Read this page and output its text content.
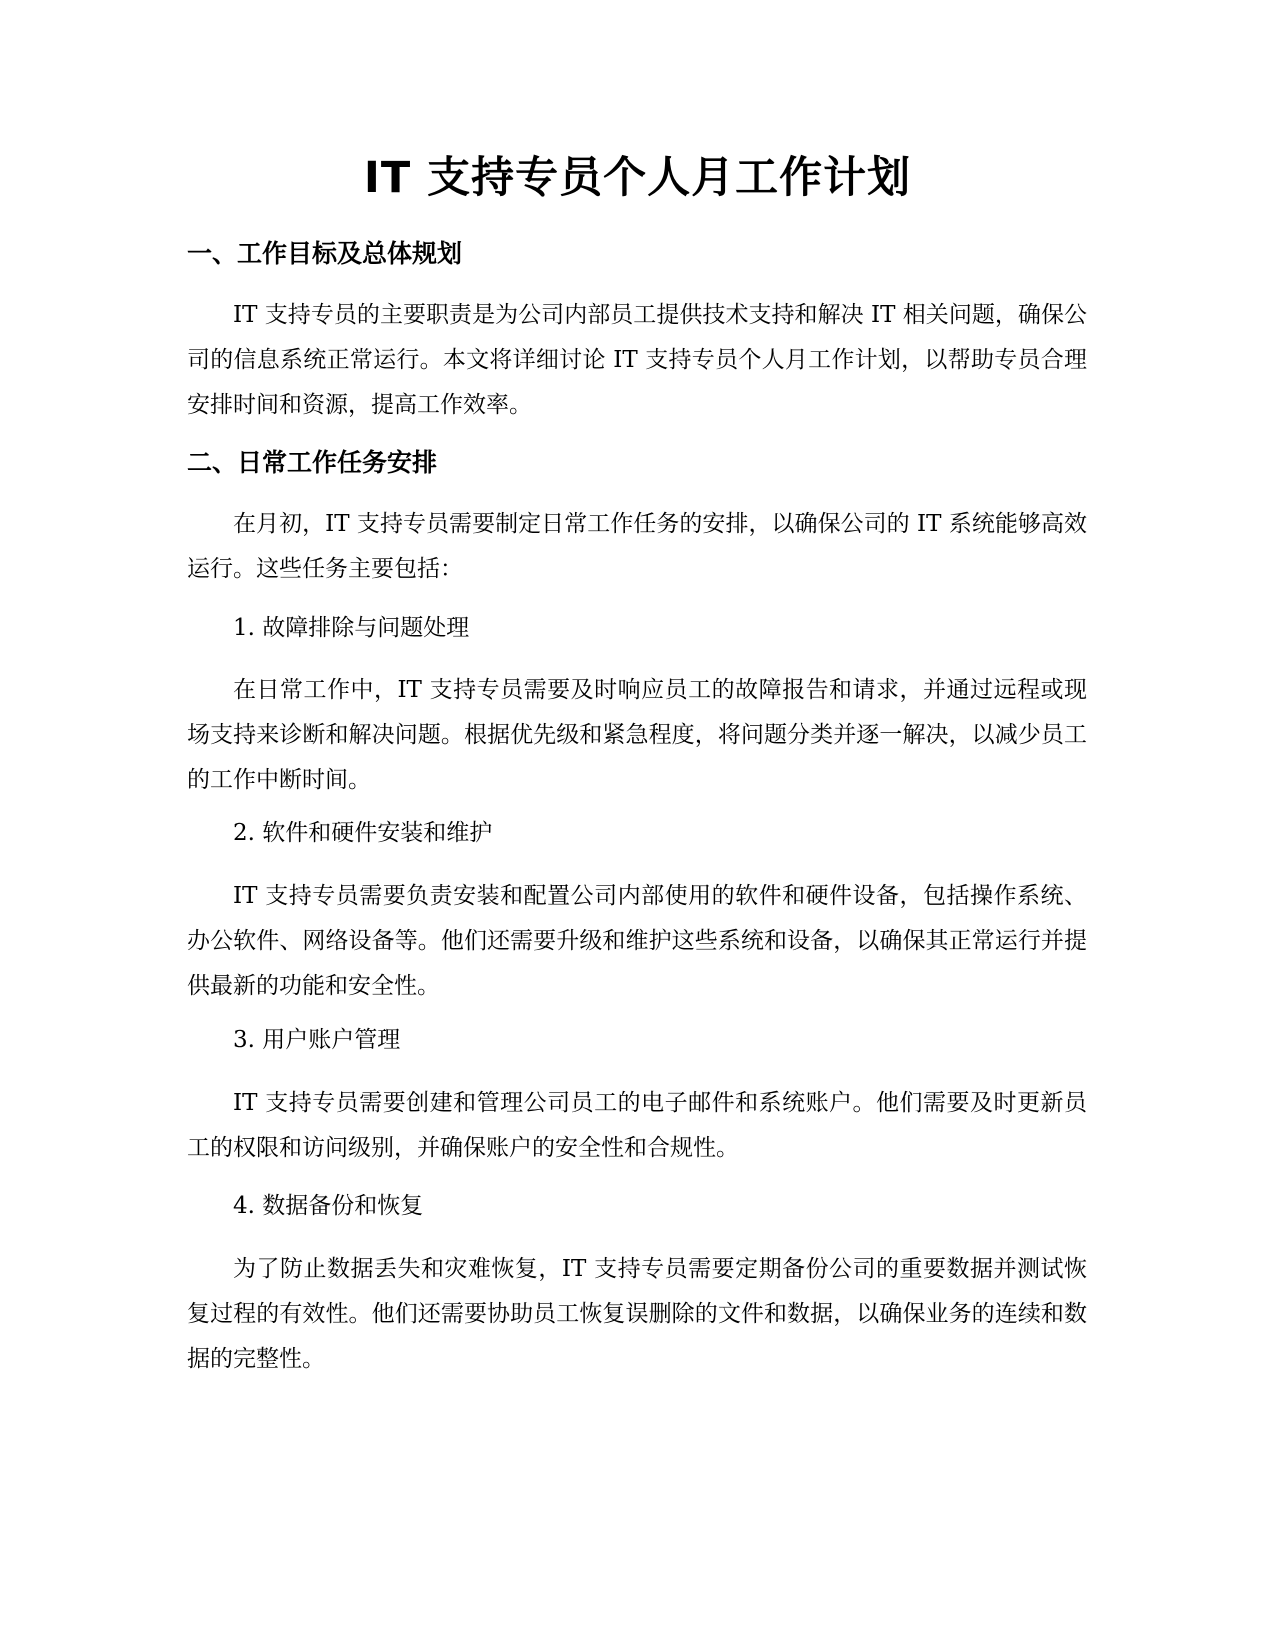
IT 支持专员个人月工作计划
一、工作目标及总体规划

IT 支持专员的主要职责是为公司内部员工提供技术支持和解决 IT 相关问题，确保公司的信息系统正常运行。本文将详细讨论 IT 支持专员个人月工作计划，以帮助专员合理安排时间和资源，提高工作效率。

二、日常工作任务安排

在月初，IT 支持专员需要制定日常工作任务的安排，以确保公司的 IT 系统能够高效运行。这些任务主要包括：

1. 故障排除与问题处理

在日常工作中，IT 支持专员需要及时响应员工的故障报告和请求，并通过远程或现场支持来诊断和解决问题。根据优先级和紧急程度，将问题分类并逐一解决，以减少员工的工作中断时间。

2. 软件和硬件安装和维护

IT 支持专员需要负责安装和配置公司内部使用的软件和硬件设备，包括操作系统、办公软件、网络设备等。他们还需要升级和维护这些系统和设备，以确保其正常运行并提供最新的功能和安全性。

3. 用户账户管理

IT 支持专员需要创建和管理公司员工的电子邮件和系统账户。他们需要及时更新员工的权限和访问级别，并确保账户的安全性和合规性。

4. 数据备份和恢复

为了防止数据丢失和灾难恢复，IT 支持专员需要定期备份公司的重要数据并测试恢复过程的有效性。他们还需要协助员工恢复误删除的文件和数据，以确保业务的连续和数据的完整性。
